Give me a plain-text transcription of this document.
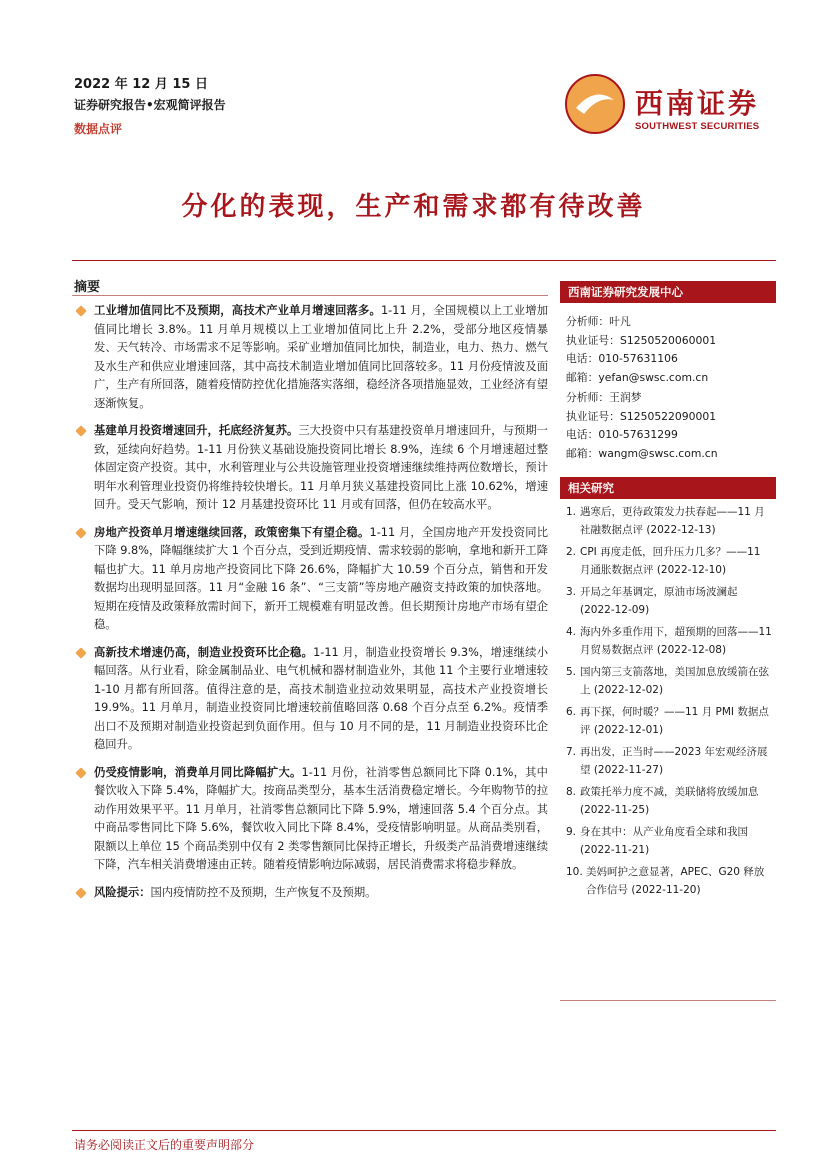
2022 年 12 月 15 日
证券研究报告•宏观简评报告
数据点评
西南证券
SOUTHWEST SECURITIES
分化的表现，生产和需求都有待改善
摘要
工业增加值同比不及预期，高技术产业单月增速回落多。1-11 月，全国规模以上工业增加值同比增长 3.8%。11 月单月规模以上工业增加值同比上升 2.2%，受部分地区疫情暴发、天气转冷、市场需求不足等影响。采矿业增加值同比加快，制造业，电力、热力、燃气及水生产和供应业增速回落，其中高技术制造业增加值同比回落较多。11 月份疫情波及面广，生产有所回落，随着疫情防控优化措施落实落细，稳经济各项措施显效，工业经济有望逐渐恢复。
基建单月投资增速回升，托底经济复苏。三大投资中只有基建投资单月增速回升，与预期一致，延续向好趋势。1-11 月份狭义基础设施投资同比增长 8.9%，连续 6 个月增速超过整体固定资产投资。其中，水利管理业与公共设施管理业投资增速继续维持两位数增长，预计明年水利管理业投资仍将维持较快增长。11 月单月狭义基建投资同比上涨 10.62%，增速回升。受天气影响，预计 12 月基建投资环比 11 月或有回落，但仍在较高水平。
房地产投资单月增速继续回落，政策密集下有望企稳。1-11 月，全国房地产开发投资同比下降 9.8%，降幅继续扩大 1 个百分点，受到近期疫情、需求较弱的影响，拿地和新开工降幅也扩大。11 单月房地产投资同比下降 26.6%，降幅扩大 10.59 个百分点，销售和开发数据均出现明显回落。11 月“金融 16 条”、“三支箭”等房地产融资支持政策的加快落地。短期在疫情及政策释放需时间下，新开工规模难有明显改善。但长期预计房地产市场有望企稳。
高新技术增速仍高，制造业投资环比企稳。1-11 月，制造业投资增长 9.3%，增速继续小幅回落。从行业看，除金属制品业、电气机械和器材制造业外，其他 11 个主要行业增速较 1-10 月都有所回落。值得注意的是，高技术制造业拉动效果明显，高技术产业投资增长 19.9%。11 月单月，制造业投资同比增速较前值略回落 0.68 个百分点至 6.2%。疫情季出口不及预期对制造业投资起到负面作用。但与 10 月不同的是，11 月制造业投资环比企稳回升。
仍受疫情影响，消费单月同比降幅扩大。1-11 月份，社消零售总额同比下降 0.1%，其中餐饮收入下降 5.4%，降幅扩大。按商品类型分，基本生活消费稳定增长。今年购物节的拉动作用效果平平。11 月单月，社消零售总额同比下降 5.9%，增速回落 5.4 个百分点。其中商品零售同比下降 5.6%，餐饮收入同比下降 8.4%，受疫情影响明显。从商品类别看，限额以上单位 15 个商品类别中仅有 2 类零售额同比保持正增长，升级类产品消费增速继续下降，汽车相关消费增速由正转。随着疫情影响边际减弱，居民消费需求将稳步释放。
风险提示：国内疫情防控不及预期，生产恢复不及预期。
西南证券研究发展中心
分析师：叶凡
执业证号：S1250520060001
电话：010-57631106
邮箱：yefan@swsc.com.cn
分析师：王润梦
执业证号：S1250522090001
电话：010-57631299
邮箱：wangm@swsc.com.cn
相关研究
1. 遇寒后，更待政策发力扶春起——11 月社融数据点评 (2022-12-13)
2. CPI 再度走低，回升压力几多？——11 月通胀数据点评 (2022-12-10)
3. 开局之年基调定，原油市场波澜起 (2022-12-09)
4. 海内外多重作用下，超预期的回落——11 月贸易数据点评 (2022-12-08)
5. 国内第三支箭落地，美国加息放缓箭在弦上 (2022-12-02)
6. 再下探，何时暖？——11 月 PMI 数据点评 (2022-12-01)
7. 再出发，正当时——2023 年宏观经济展望 (2022-11-27)
8. 政策托举力度不减，美联储将放缓加息 (2022-11-25)
9. 身在其中：从产业角度看全球和我国 (2022-11-21)
10. 美妈呵护之意显著，APEC、G20 释放合作信号 (2022-11-20)
请务必阅读正文后的重要声明部分
